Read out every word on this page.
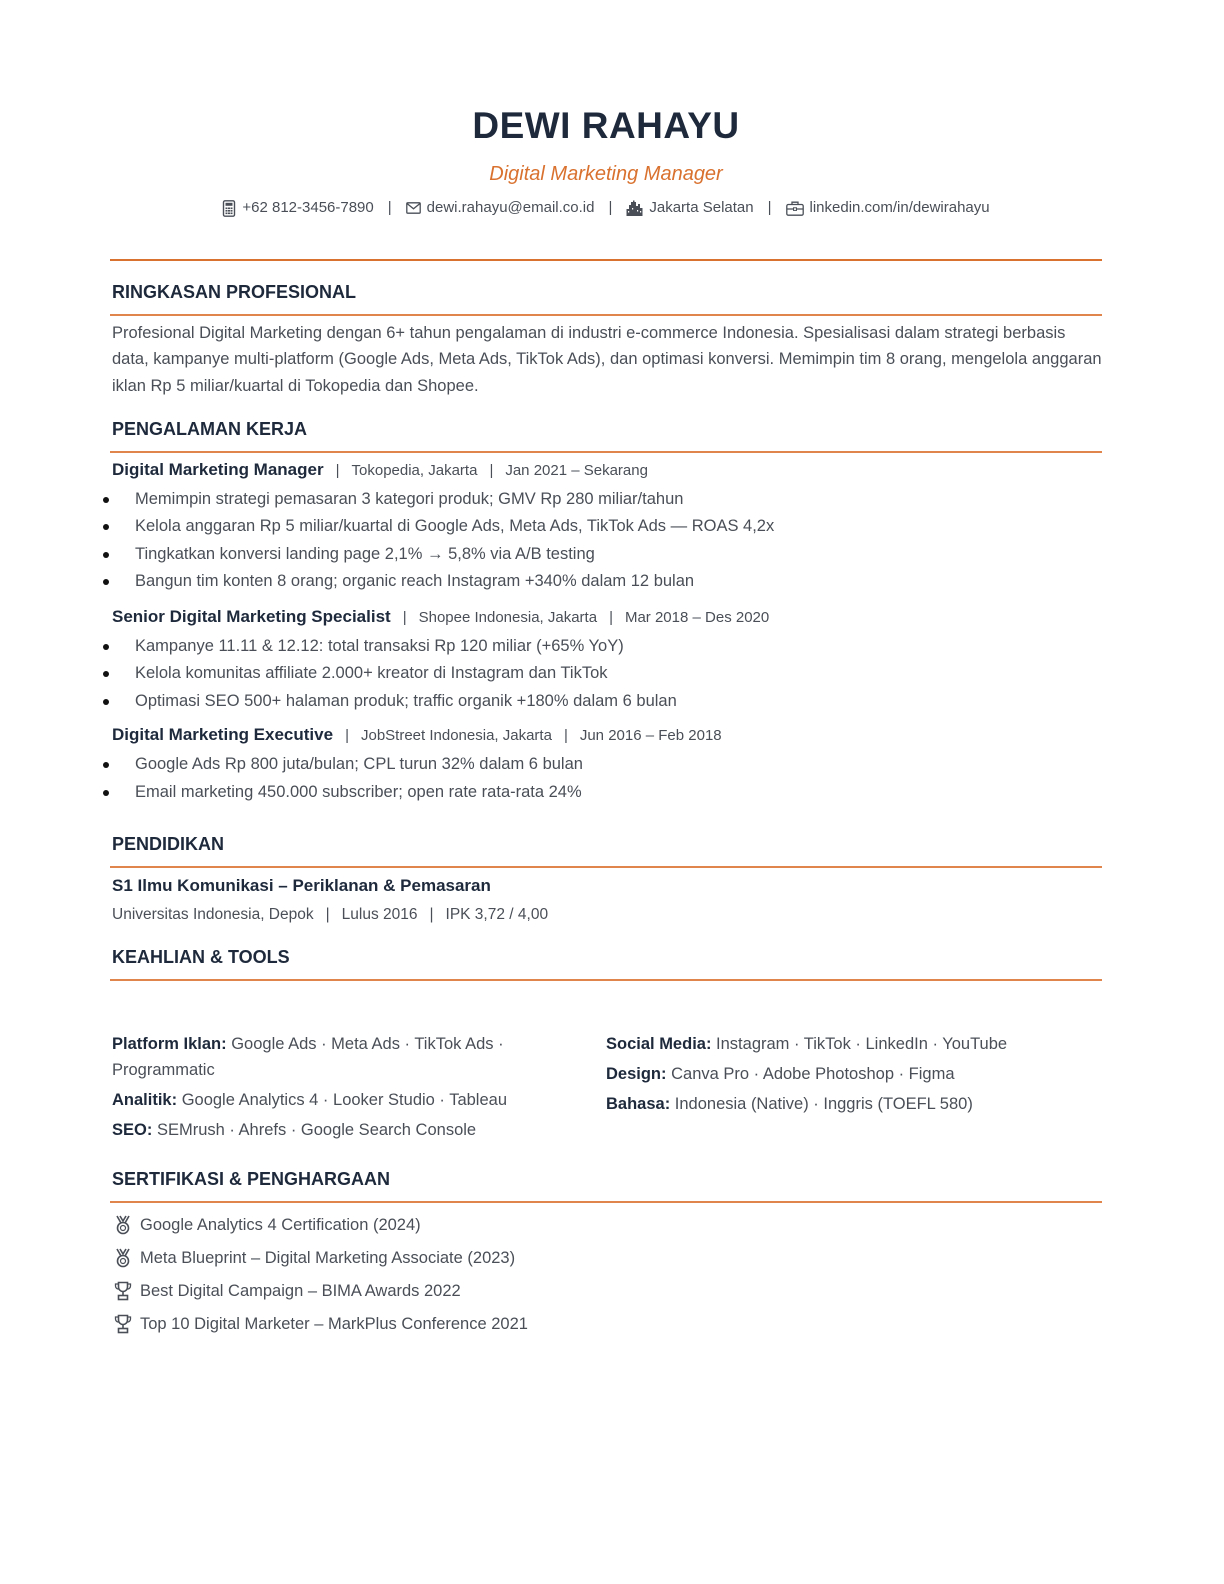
DEWI RAHAYU
Digital Marketing Manager
+62 812-3456-7890 | dewi.rahayu@email.co.id | Jakarta Selatan |	linkedin.com/in/dewirahayu
RINGKASAN PROFESIONAL
Profesional Digital Marketing dengan 6+ tahun pengalaman di industri e-commerce Indonesia. Spesialisasi dalam strategi berbasis data, kampanye multi-platform (Google Ads, Meta Ads, TikTok Ads), dan optimasi konversi. Memimpin tim 8 orang, mengelola anggaran iklan Rp 5 miliar/kuartal di Tokopedia dan Shopee.
PENGALAMAN KERJA
Digital Marketing Manager | Tokopedia, Jakarta | Jan 2021 – Sekarang
Memimpin strategi pemasaran 3 kategori produk; GMV Rp 280 miliar/tahun
Kelola anggaran Rp 5 miliar/kuartal di Google Ads, Meta Ads, TikTok Ads — ROAS 4,2x
Tingkatkan konversi landing page 2,1% → 5,8% via A/B testing
Bangun tim konten 8 orang; organic reach Instagram +340% dalam 12 bulan
Senior Digital Marketing Specialist | Shopee Indonesia, Jakarta | Mar 2018 – Des 2020
Kampanye 11.11 & 12.12: total transaksi Rp 120 miliar (+65% YoY)
Kelola komunitas affiliate 2.000+ kreator di Instagram dan TikTok
Optimasi SEO 500+ halaman produk; traffic organik +180% dalam 6 bulan
Digital Marketing Executive | JobStreet Indonesia, Jakarta | Jun 2016 – Feb 2018
Google Ads Rp 800 juta/bulan; CPL turun 32% dalam 6 bulan
Email marketing 450.000 subscriber; open rate rata-rata 24%
PENDIDIKAN
S1 Ilmu Komunikasi – Periklanan & Pemasaran
Universitas Indonesia, Depok | Lulus 2016 | IPK 3,72 / 4,00
KEAHLIAN & TOOLS
Platform Iklan: Google Ads · Meta Ads · TikTok Ads · Programmatic
Analitik: Google Analytics 4 · Looker Studio · Tableau
SEO: SEMrush · Ahrefs · Google Search Console
Social Media: Instagram · TikTok · LinkedIn · YouTube
Design: Canva Pro · Adobe Photoshop · Figma
Bahasa: Indonesia (Native) · Inggris (TOEFL 580)
SERTIFIKASI & PENGHARGAAN
Google Analytics 4 Certification (2024)
Meta Blueprint – Digital Marketing Associate (2023)
Best Digital Campaign – BIMA Awards 2022
Top 10 Digital Marketer – MarkPlus Conference 2021
